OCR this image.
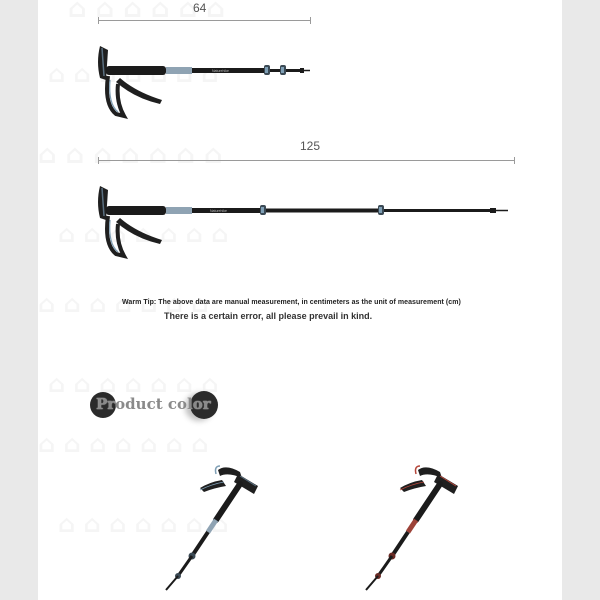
64
Naturehike
125
Naturehike
Warm Tip: The above data are manual measurement, in centimeters as the unit of measurement (cm)
There is a certain error, all please prevail in kind.
Product color
